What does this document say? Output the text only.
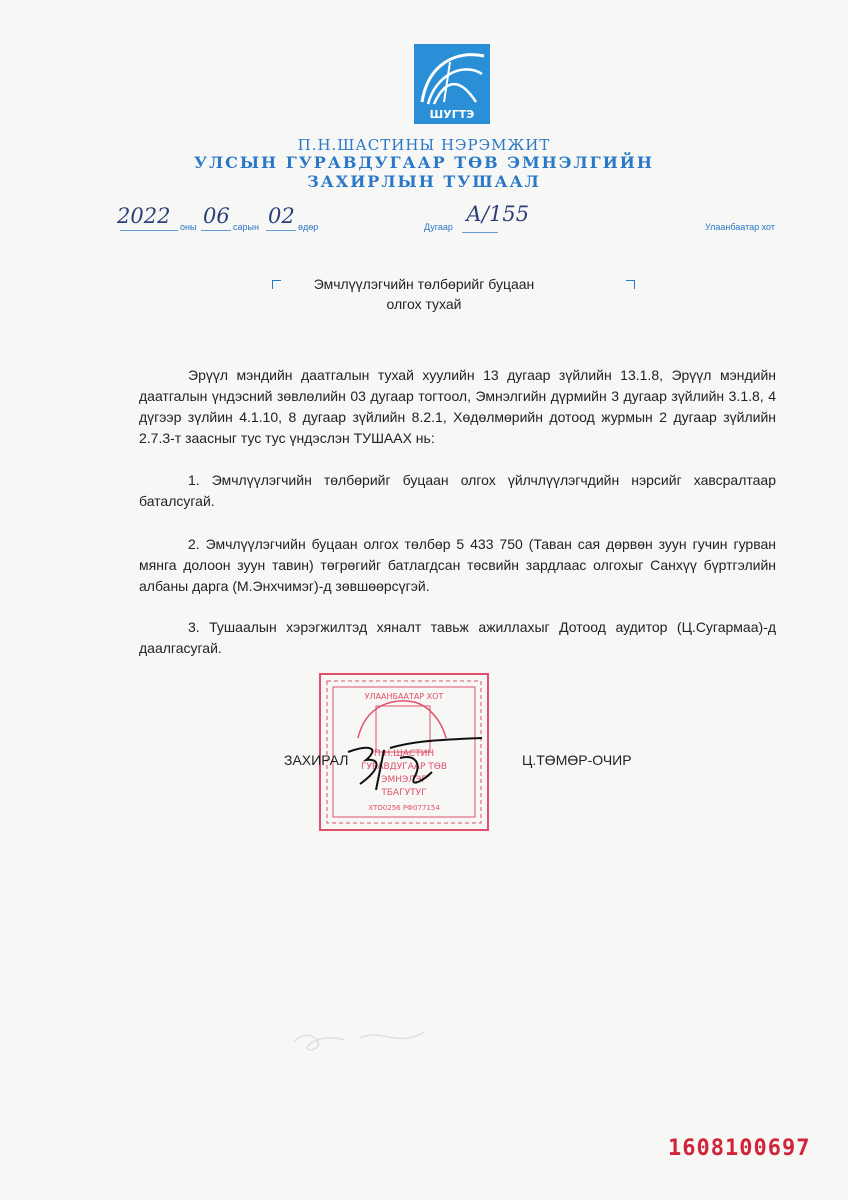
ШУГТЭ
П.Н.ШАСТИНЫ НЭРЭМЖИТ
УЛСЫН ГУРАВДУГААР ТӨВ ЭМНЭЛГИЙН
ЗАХИРЛЫН ТУШААЛ
2022 оны 06 сарын 02 өдөр	Дугаар
А/155
Улаанбаатар хот
Эмчлүүлэгчийн төлбөрийг буцаан
олгох тухай
Эрүүл мэндийн даатгалын тухай хуулийн 13 дугаар зүйлийн 13.1.8, Эрүүл мэндийн даатгалын үндэсний зөвлөлийн 03 дугаар тогтоол, Эмнэлгийн дүрмийн 3 дугаар зүйлийн 3.1.8, 4 дүгээр зүлйин 4.1.10, 8 дугаар зүйлийн 8.2.1, Хөдөлмөрийн дотоод журмын 2 дугаар зүйлийн 2.7.3-т заасныг тус тус үндэслэн ТУШААХ нь:
1. Эмчлүүлэгчийн төлбөрийг буцаан олгох үйлчлүүлэгчдийн нэрсийг хавсралтаар баталсугай.
2. Эмчлүүлэгчийн буцаан олгох төлбөр 5 433 750 (Таван сая дөрвөн зуун гучин гурван мянга долоон зуун тавин) төгрөгийг батлагдсан төсвийн зардлаас олгохыг Санхүү бүртгэлийн албаны дарга (М.Энхчимэг)-д зөвшөөрсүгэй.
3. Тушаалын хэрэгжилтэд хяналт тавьж ажиллахыг Дотоод аудитор (Ц.Сугармаа)-д даалгасугай.
УЛААНБААТАР ХОТ
П.Н.ШАСТИН
ГУРАВДУГААР ТӨВ
ЭМНЭЛЭГ
ТБАГУТУГ
ХТО0256 РФ077154
ЗАХИРАЛ	Ц.ТӨМӨР-ОЧИР
1608100697
